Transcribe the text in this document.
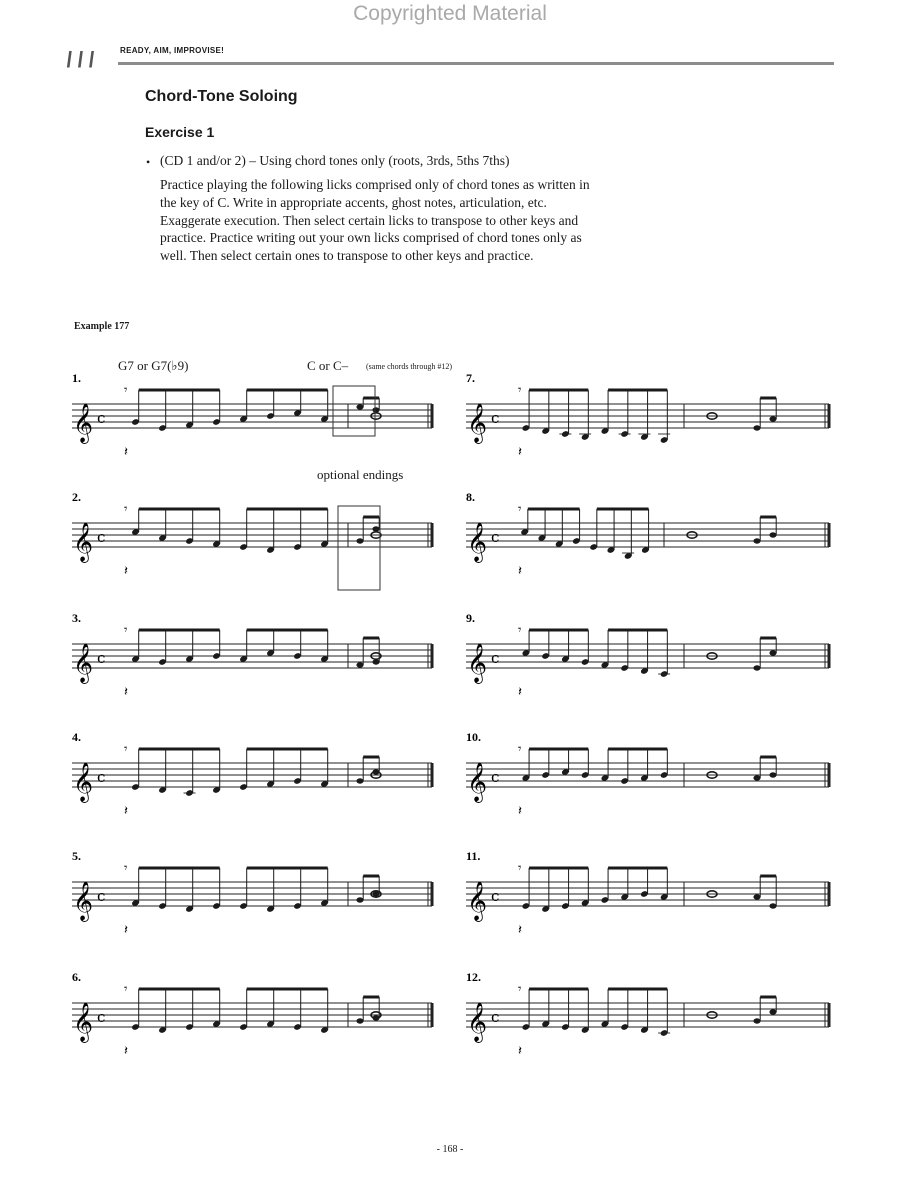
Copyrighted Material
\\\ READY, AIM, IMPROVISE!
Chord-Tone Soloing
Exercise 1
• (CD 1 and/or 2) – Using chord tones only (roots, 3rds, 5ths 7ths)
Practice playing the following licks comprised only of chord tones as written in the key of C. Write in appropriate accents, ghost notes, articulation, etc. Exaggerate execution. Then select certain licks to transpose to other keys and practice. Practice writing out your own licks comprised of chord tones only as well. Then select certain ones to transpose to other keys and practice.
Example 177
G7 or G7(♭9)	C or C– (same chords through #12)
optional endings
𝄞 c
1.
𝄾
𝄽
𝄞 c
2.
𝄾
𝄽
𝄞 c
3.
𝄾
𝄽
𝄞 c
4.
𝄾
𝄽
𝄞 c
5.
𝄾
𝄽
𝄞 c
6.
𝄾
𝄽
𝄞 c
7.
𝄾
𝄽
𝄞 c
8.
𝄾
𝄽
𝄞 c
9.
𝄾
𝄽
𝄞 c
10.
𝄾
𝄽
𝄞 c
11.
𝄾
𝄽
𝄞 c
12.
𝄾
𝄽
- 168 -
